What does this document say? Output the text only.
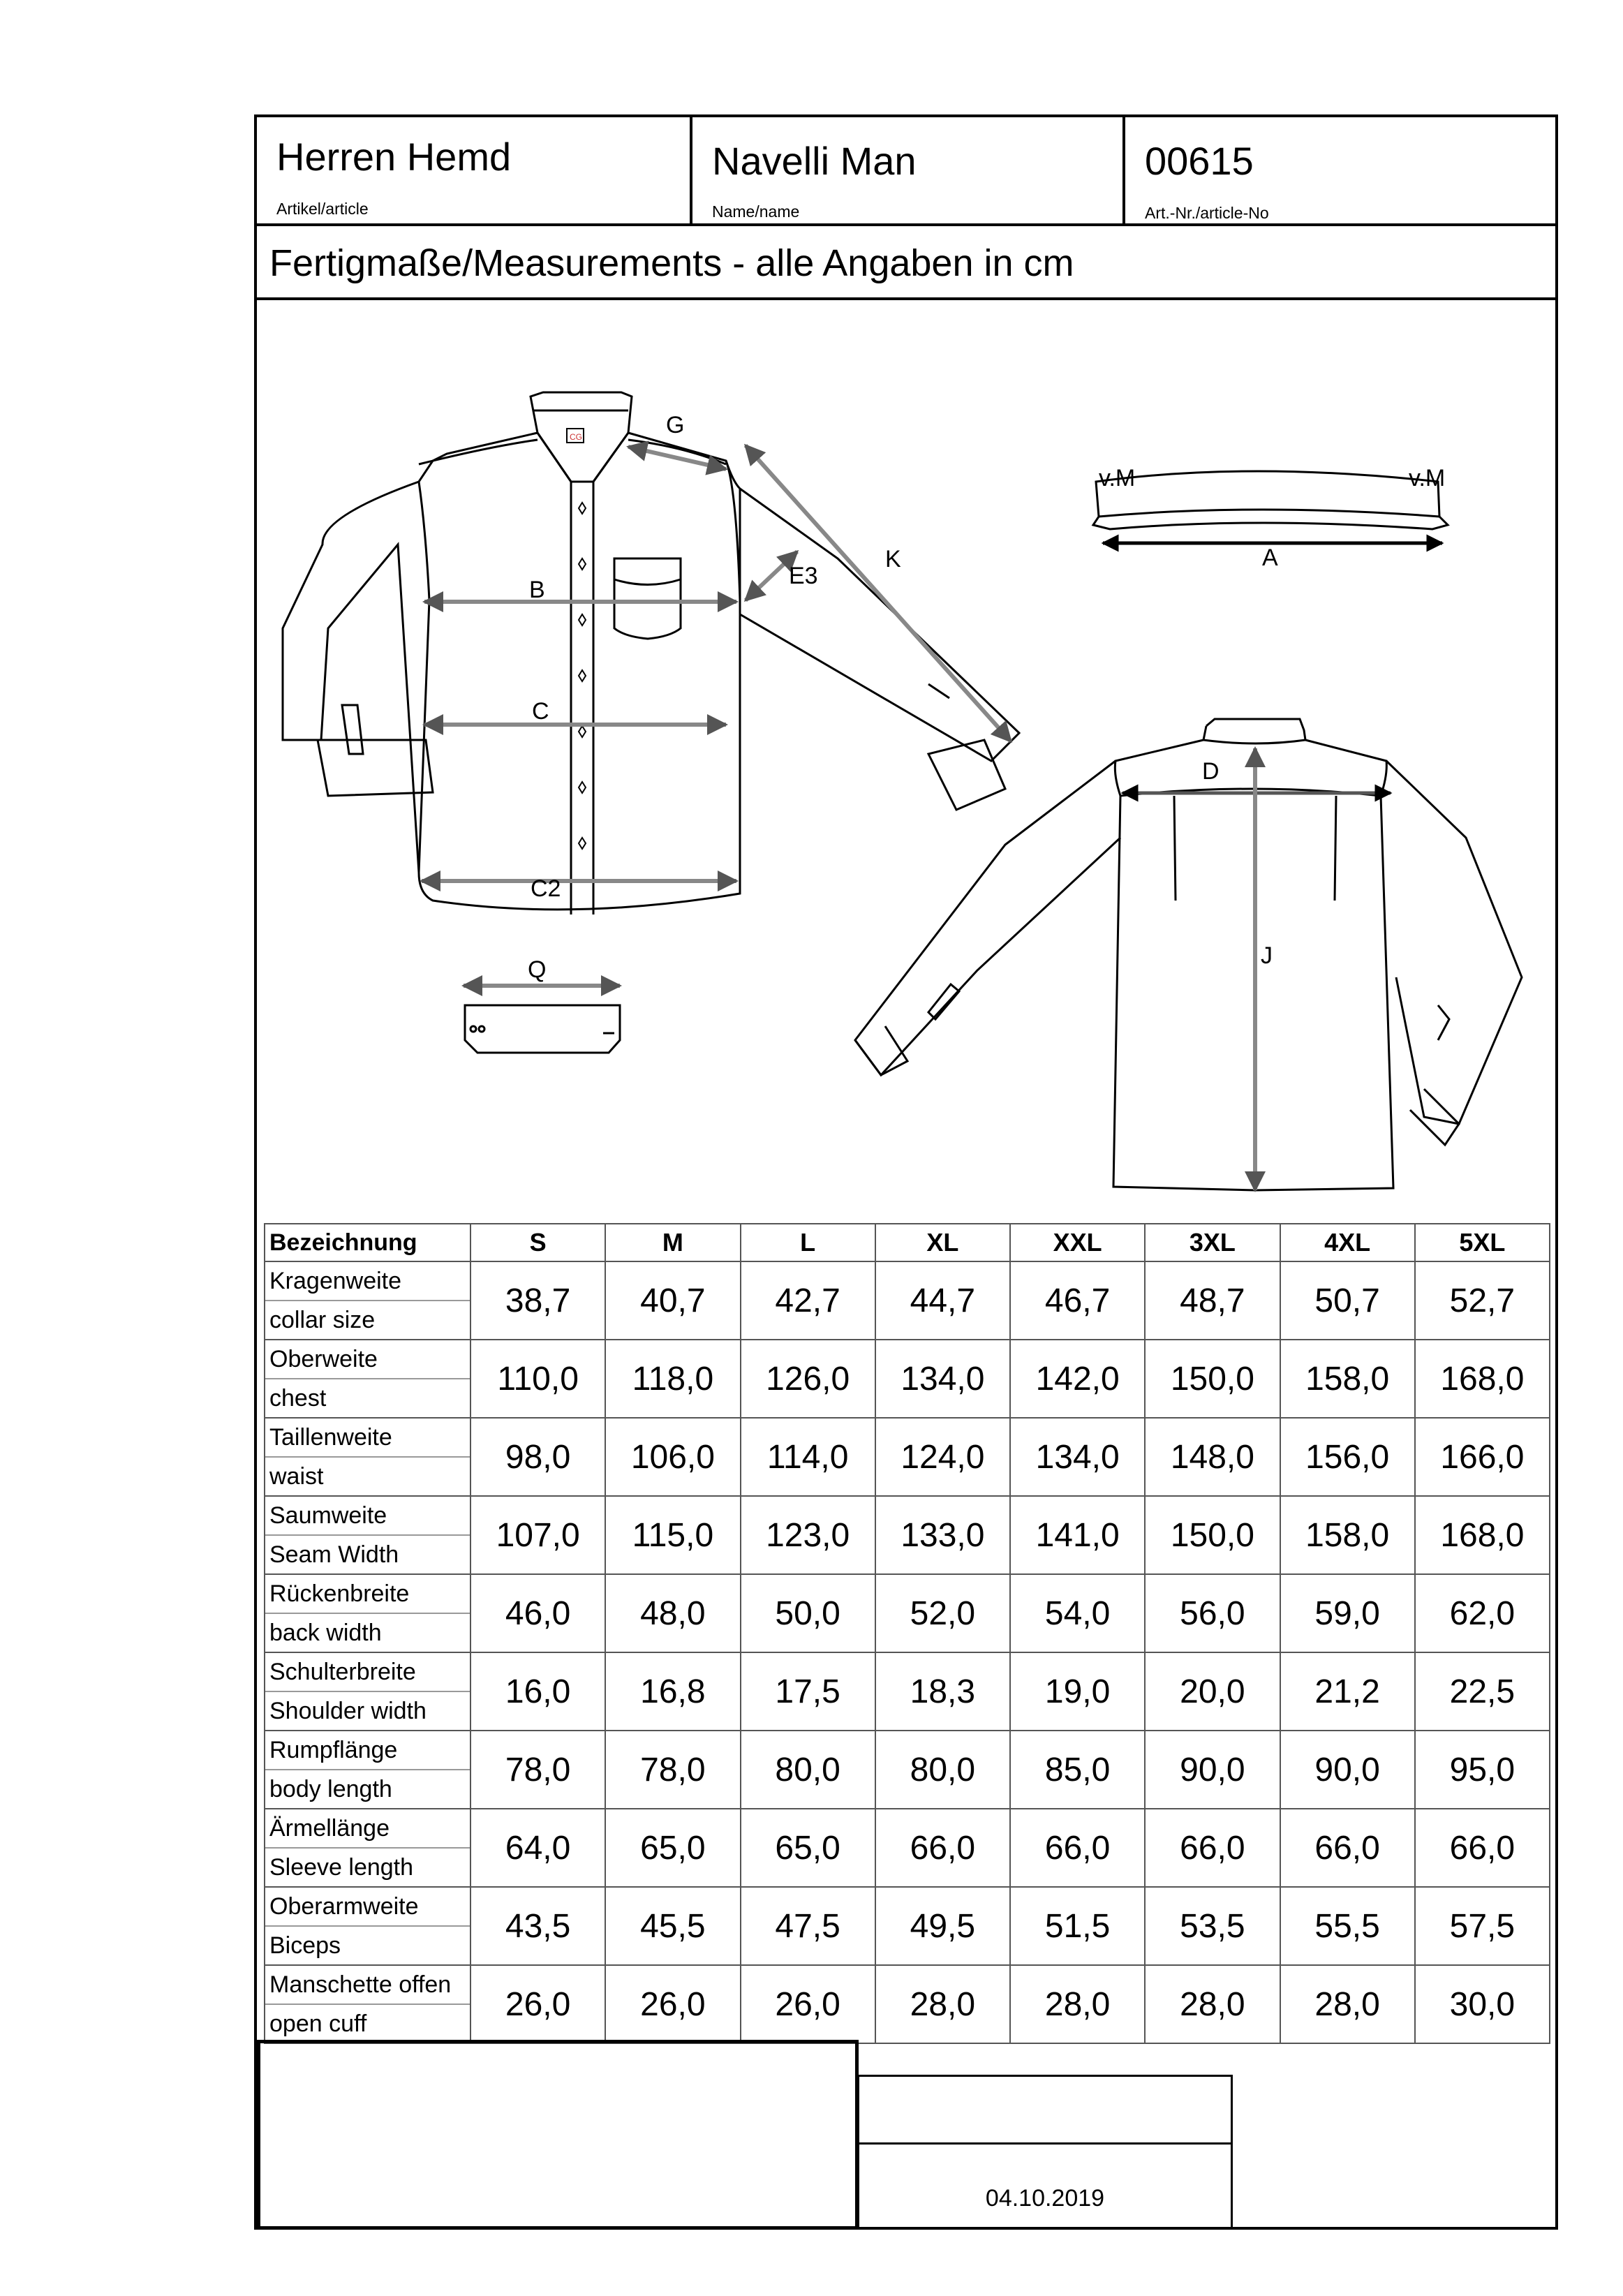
Herren Hemd
Artikel/article
Navelli Man
Name/name
00615
Art.-Nr./article-No
Fertigmaße/Measurements - alle Angaben in cm
CG
B
C
C2
G
K
E3
Q
A
v.M	v.M
D
J
Bezeichnung	S	M	L	XL	XXL	3XL	4XL	5XL

Kragenweite
collar size	38,7	40,7	42,7	44,7	46,7	48,7	50,7	52,7

Oberweite
chest	110,0	118,0	126,0	134,0	142,0	150,0	158,0	168,0

Taillenweite
waist	98,0	106,0	114,0	124,0	134,0	148,0	156,0	166,0

Saumweite
Seam Width	107,0	115,0	123,0	133,0	141,0	150,0	158,0	168,0

Rückenbreite
back width	46,0	48,0	50,0	52,0	54,0	56,0	59,0	62,0

Schulterbreite
Shoulder width	16,0	16,8	17,5	18,3	19,0	20,0	21,2	22,5

Rumpflänge
body length	78,0	78,0	80,0	80,0	85,0	90,0	90,0	95,0

Ärmellänge
Sleeve length	64,0	65,0	65,0	66,0	66,0	66,0	66,0	66,0

Oberarmweite
Biceps	43,5	45,5	47,5	49,5	51,5	53,5	55,5	57,5

Manschette offen
open cuff	26,0	26,0	26,0	28,0	28,0	28,0	28,0	30,0
04.10.2019
